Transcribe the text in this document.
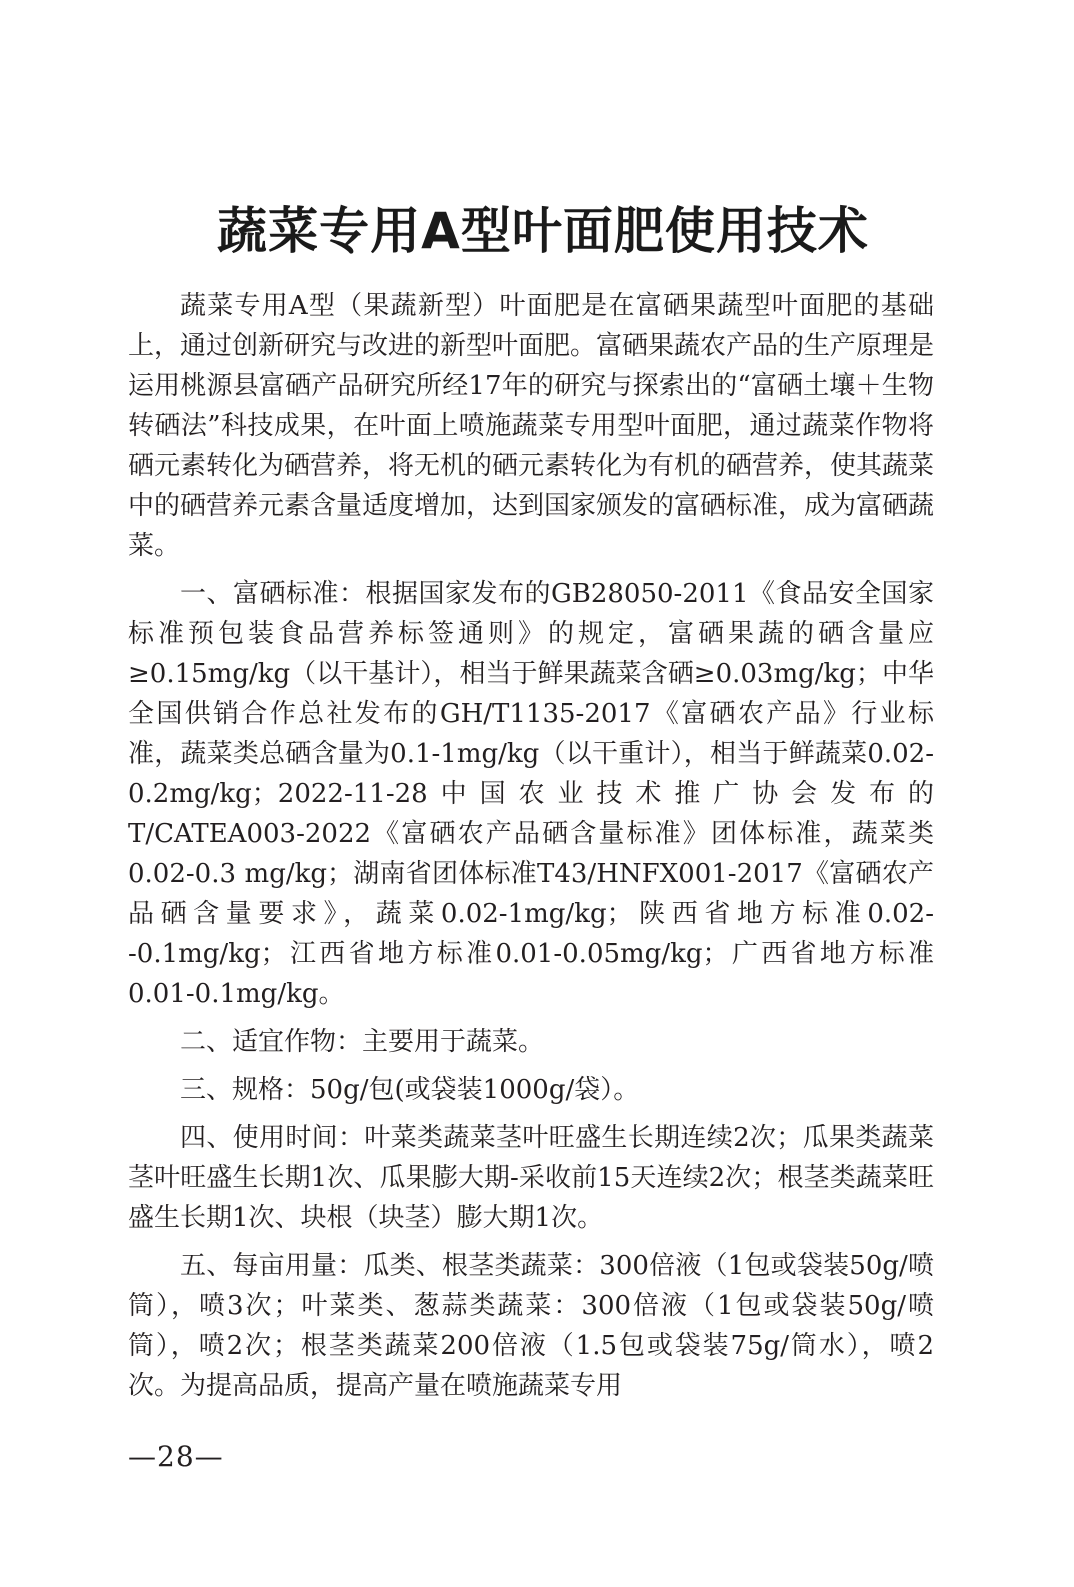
蔬菜专用A型叶面肥使用技术

蔬菜专用A型（果蔬新型）叶面肥是在富硒果蔬型叶面肥的基础上，通过创新研究与改进的新型叶面肥。富硒果蔬农产品的生产原理是运用桃源县富硒产品研究所经17年的研究与探索出的“富硒土壤＋生物转硒法”科技成果，在叶面上喷施蔬菜专用型叶面肥，通过蔬菜作物将硒元素转化为硒营养，将无机的硒元素转化为有机的硒营养，使其蔬菜中的硒营养元素含量适度增加，达到国家颁发的富硒标准，成为富硒蔬菜。

一、富硒标准：根据国家发布的GB28050-2011《食品安全国家标准预包装食品营养标签通则》的规定，富硒果蔬的硒含量应≥0.15mg/kg（以干基计），相当于鲜果蔬菜含硒≥0.03mg/kg；中华全国供销合作总社发布的GH/T1135-2017《富硒农产品》行业标准，蔬菜类总硒含量为0.1-1mg/kg（以干重计），相当于鲜蔬菜0.02-0.2mg/kg；2022-11-28中国农业技术推广协会发布的T/CATEA003-2022《富硒农产品硒含量标准》团体标准，蔬菜类0.02-0.3 mg/kg；湖南省团体标准T43/HNFX001-2017《富硒农产品硒含量要求》，蔬菜0.02-1mg/kg；陕西省地方标准0.02--0.1mg/kg；江西省地方标准0.01-0.05mg/kg；广西省地方标准0.01-0.1mg/kg。

二、适宜作物：主要用于蔬菜。

三、规格：50g/包(或袋装1000g/袋）。

四、使用时间：叶菜类蔬菜茎叶旺盛生长期连续2次；瓜果类蔬菜茎叶旺盛生长期1次、瓜果膨大期-采收前15天连续2次；根茎类蔬菜旺盛生长期1次、块根（块茎）膨大期1次。

五、每亩用量：瓜类、根茎类蔬菜：300倍液（1包或袋装50g/喷筒），喷3次；叶菜类、葱蒜类蔬菜：300倍液（1包或袋装50g/喷筒），喷2次；根茎类蔬菜200倍液（1.5包或袋装75g/筒水），喷2次。为提高品质，提高产量在喷施蔬菜专用

—28—
